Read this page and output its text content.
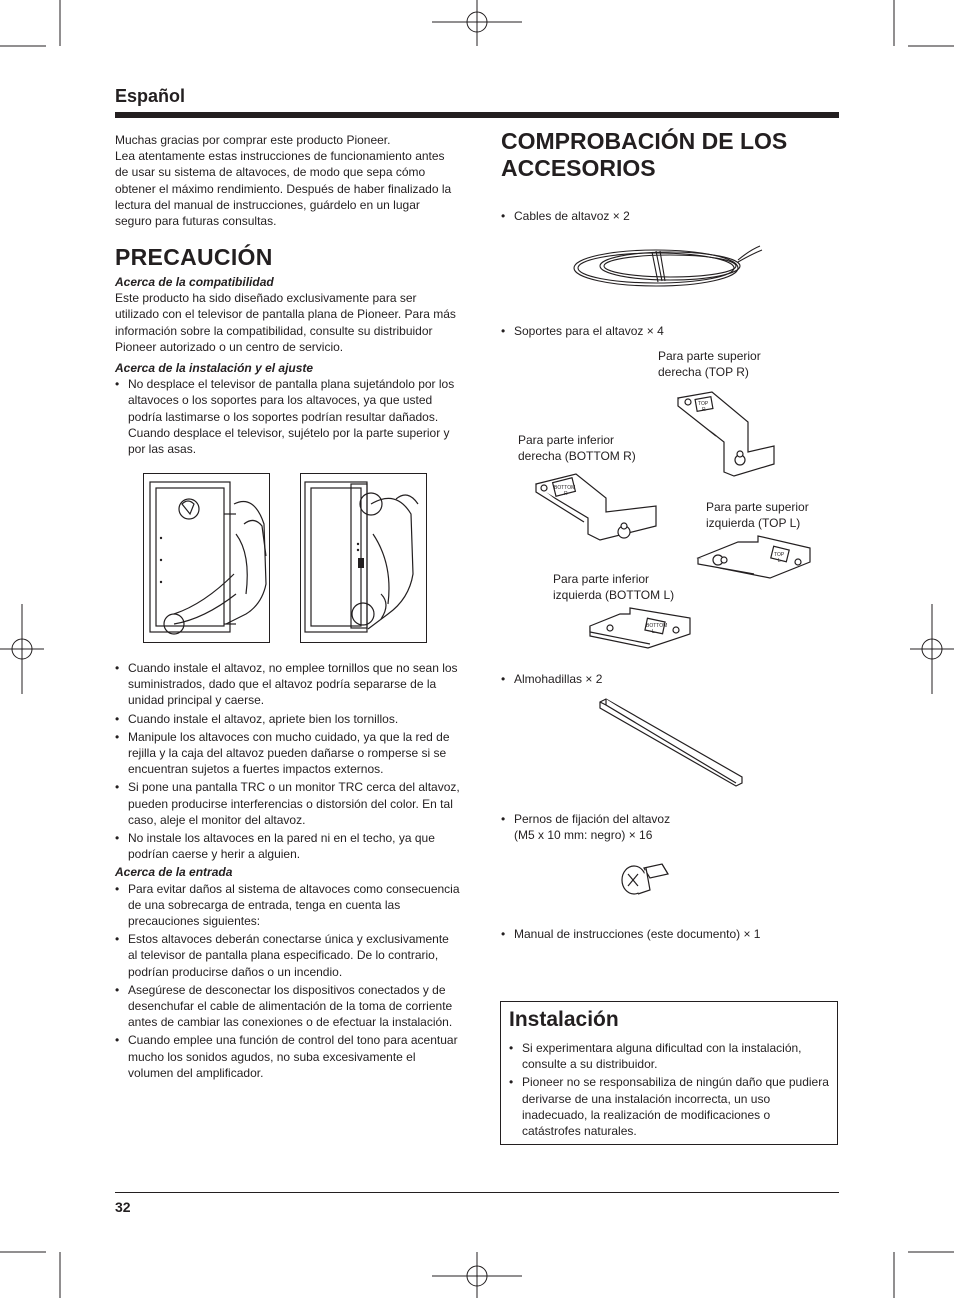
Español

Muchas gracias por comprar este producto Pioneer.

Lea atentamente estas instrucciones de funcionamiento antes de usar su sistema de altavoces, de modo que sepa cómo obtener el máximo rendimiento. Después de haber finalizado la lectura del manual de instrucciones, guárdelo en un lugar seguro para futuras consultas.

PRECAUCIÓN

Acerca de la compatibilidad

Este producto ha sido diseñado exclusivamente para ser utilizado con el televisor de pantalla plana de Pioneer. Para más información sobre la compatibilidad, consulte su distribuidor Pioneer autorizado o un centro de servicio.

Acerca de la instalación y el ajuste

• No desplace el televisor de pantalla plana sujetándolo por los altavoces o los soportes para los altavoces, ya que usted podría lastimarse o los soportes podrían resultar dañados. Cuando desplace el televisor, sujételo por la parte superior y por las asas.
• Cuando instale el altavoz, no emplee tornillos que no sean los suministrados, dado que el altavoz podría separarse de la unidad principal y caerse.
• Cuando instale el altavoz, apriete bien los tornillos.
• Manipule los altavoces con mucho cuidado, ya que la red de rejilla y la caja del altavoz pueden dañarse o romperse si se encuentran sujetos a fuertes impactos externos.
• Si pone una pantalla TRC o un monitor TRC cerca del altavoz, pueden producirse interferencias o distorsión del color. En tal caso, aleje el monitor del altavoz.
• No instale los altavoces en la pared ni en el techo, ya que podrían caerse y herir a alguien.

Acerca de la entrada

• Para evitar daños al sistema de altavoces como consecuencia de una sobrecarga de entrada, tenga en cuenta las precauciones siguientes:
• Estos altavoces deberán conectarse única y exclusivamente al televisor de pantalla plana especificado. De lo contrario, podrían producirse daños o un incendio.
• Asegúrese de desconectar los dispositivos conectados y de desenchufar el cable de alimentación de la toma de corriente antes de cambiar las conexiones o de efectuar la instalación.
• Cuando emplee una función de control del tono para acentuar mucho los sonidos agudos, no suba excesivamente el volumen del amplificador.
COMPROBACIÓN DE LOS ACCESORIOS
• Cables de altavoz × 2
• Soportes para el altavoz × 4
Para parte superior
derecha (TOP R)
TOP
R
Para parte inferior
derecha (BOTTOM R)
BOTTOM
R
Para parte superior
izquierda (TOP L)
TOP
L
Para parte inferior
izquierda (BOTTOM L)
BOTTOM
L
• Almohadillas × 2
• Pernos de fijación del altavoz
(M5 x 10 mm: negro) × 16
• Manual de instrucciones (este documento) × 1
Instalación
• Si experimentara alguna dificultad con la instalación, consulte a su distribuidor.
• Pioneer no se responsabiliza de ningún daño que pudiera derivarse de una instalación incorrecta, un uso inadecuado, la realización de modificaciones o catástrofes naturales.
32
